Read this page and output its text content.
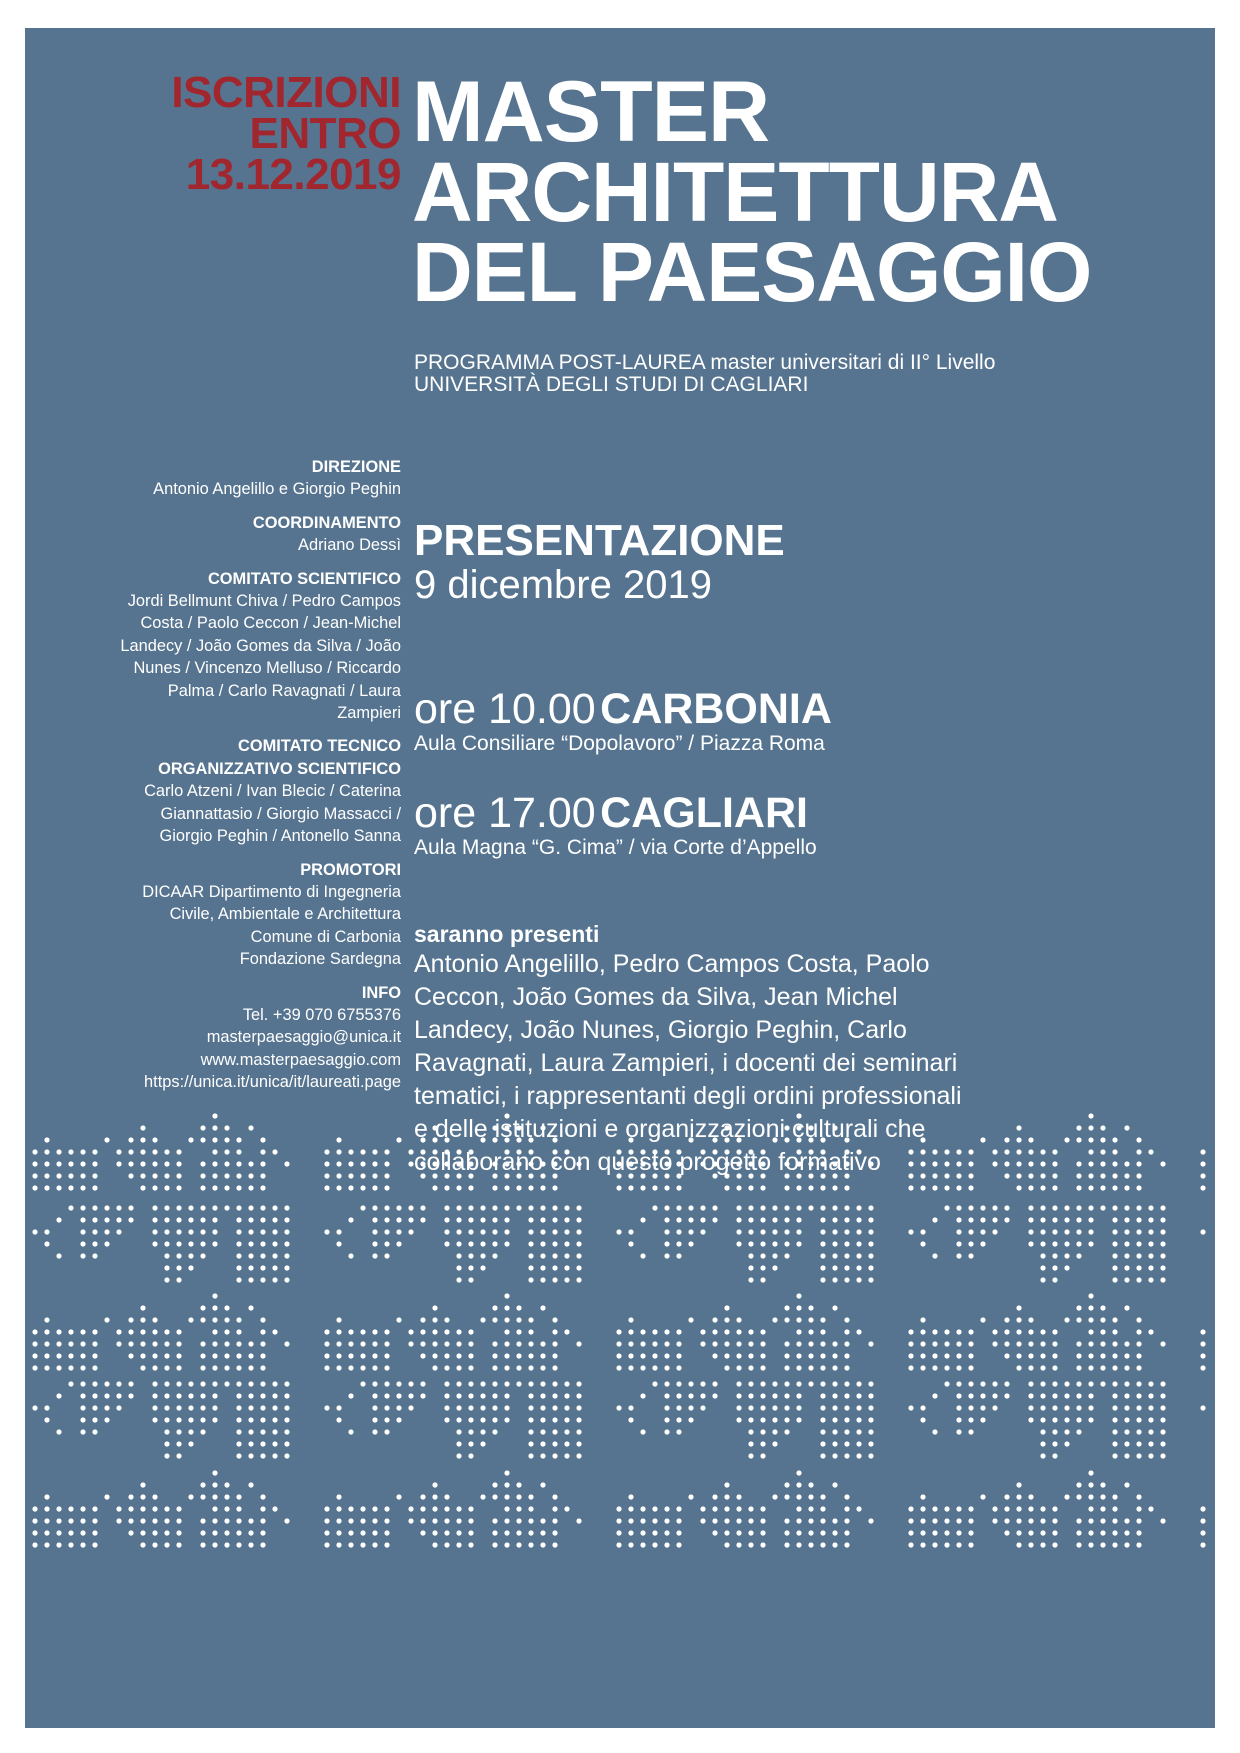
ISCRIZIONI
ENTRO
13.12.2019
MASTER
ARCHITETTURA
DEL PAESAGGIO
PROGRAMMA POST-LAUREA master universitari di II° Livello
UNIVERSITÀ DEGLI STUDI DI CAGLIARI
DIREZIONE
Antonio Angelillo e Giorgio Peghin
COORDINAMENTO
Adriano Dessì
COMITATO SCIENTIFICO
Jordi Bellmunt Chiva / Pedro Campos
Costa / Paolo Ceccon / Jean-Michel
Landecy / João Gomes da Silva / João
Nunes / Vincenzo Melluso / Riccardo
Palma / Carlo Ravagnati / Laura
Zampieri
COMITATO TECNICO
ORGANIZZATIVO SCIENTIFICO
Carlo Atzeni / Ivan Blecic / Caterina
Giannattasio / Giorgio Massacci /
Giorgio Peghin / Antonello Sanna
PROMOTORI
DICAAR Dipartimento di Ingegneria
Civile, Ambientale e Architettura
Comune di Carbonia
Fondazione Sardegna
INFO
Tel. +39 070 6755376
masterpaesaggio@unica.it
www.masterpaesaggio.com
https://unica.it/unica/it/laureati.page
PRESENTAZIONE
9 dicembre 2019
ore 10.00 CARBONIA
Aula Consiliare “Dopolavoro” / Piazza Roma
ore 17.00 CAGLIARI
Aula Magna “G. Cima” / via Corte d’Appello
saranno presenti
Antonio Angelillo, Pedro Campos Costa, Paolo
Ceccon, João Gomes da Silva, Jean Michel
Landecy, João Nunes, Giorgio Peghin, Carlo
Ravagnati, Laura Zampieri, i docenti dei seminari
tematici, i rappresentanti degli ordini professionali
e delle istituzioni e organizzazioni culturali che
collaborano con questo progetto formativo
